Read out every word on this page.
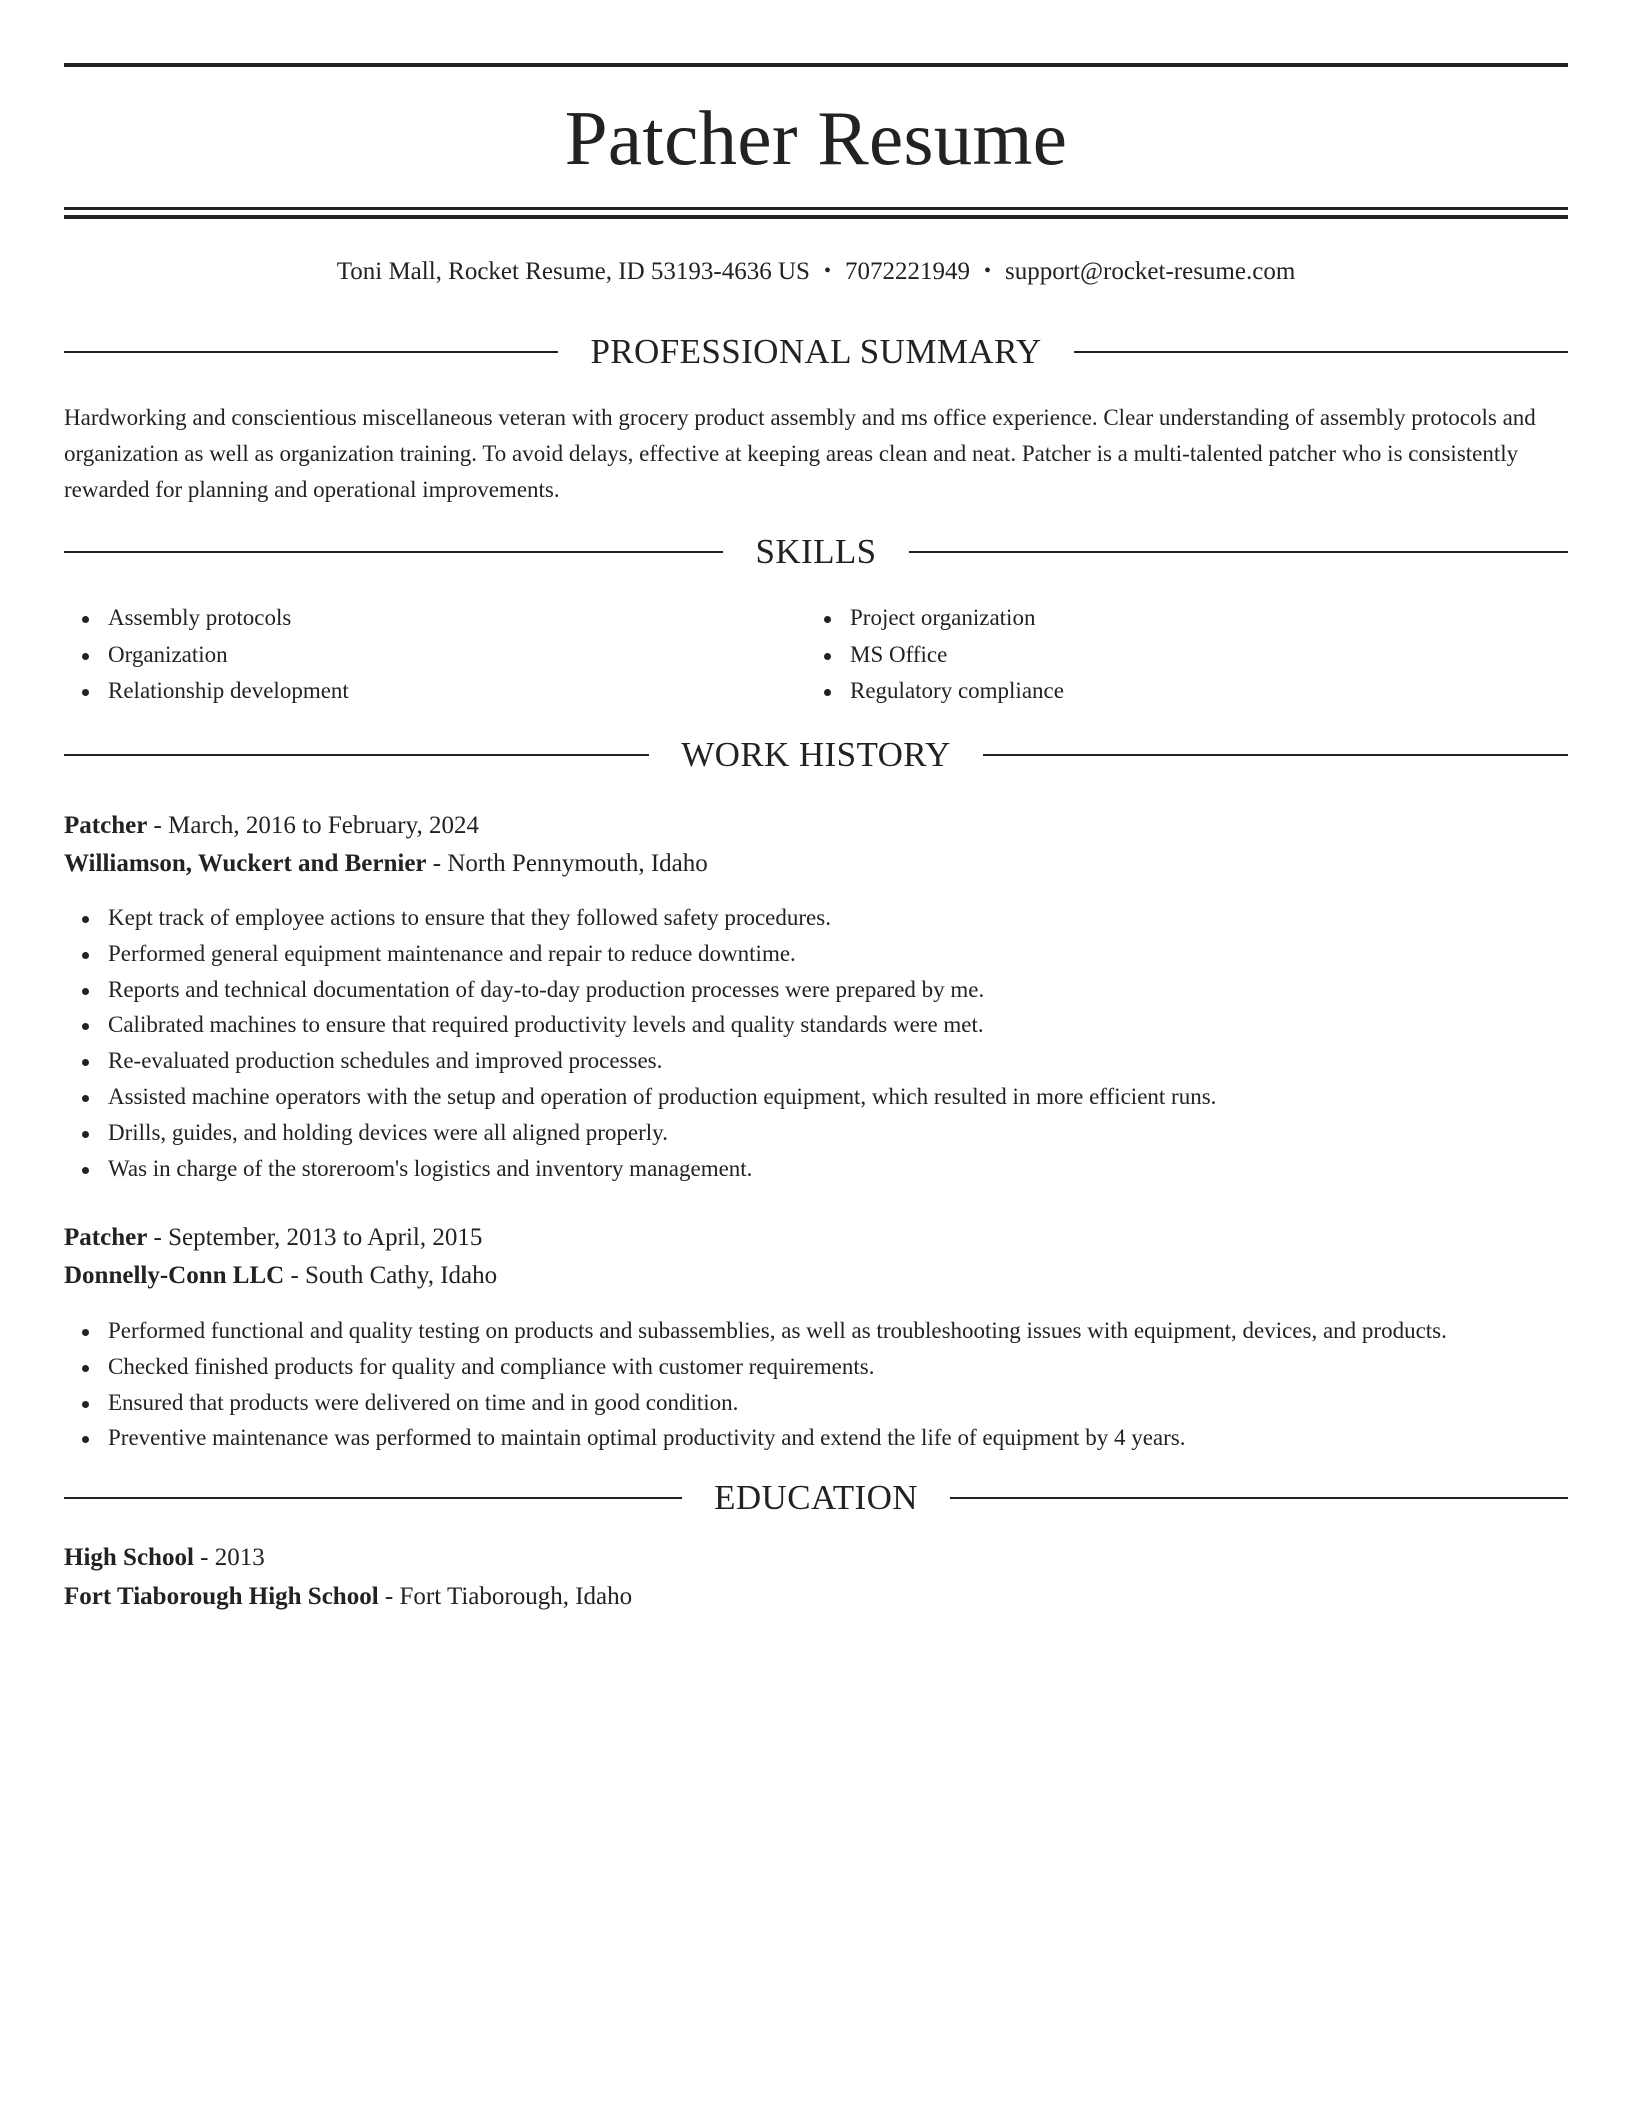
Patcher Resume
Toni Mall, Rocket Resume, ID 53193-4636 US • 7072221949 • support@rocket-resume.com
PROFESSIONAL SUMMARY

Hardworking and conscientious miscellaneous veteran with grocery product assembly and ms office experience. Clear understanding of assembly protocols and organization as well as organization training. To avoid delays, effective at keeping areas clean and neat. Patcher is a multi-talented patcher who is consistently rewarded for planning and operational improvements.

SKILLS
Assembly protocols
Organization
Relationship development
Project organization
MS Office
Regulatory compliance
WORK HISTORY
Patcher - March, 2016 to February, 2024
Williamson, Wuckert and Bernier - North Pennymouth, Idaho
Kept track of employee actions to ensure that they followed safety procedures.
Performed general equipment maintenance and repair to reduce downtime.
Reports and technical documentation of day-to-day production processes were prepared by me.
Calibrated machines to ensure that required productivity levels and quality standards were met.
Re-evaluated production schedules and improved processes.
Assisted machine operators with the setup and operation of production equipment, which resulted in more efficient runs.
Drills, guides, and holding devices were all aligned properly.
Was in charge of the storeroom's logistics and inventory management.
Patcher - September, 2013 to April, 2015
Donnelly-Conn LLC - South Cathy, Idaho
Performed functional and quality testing on products and subassemblies, as well as troubleshooting issues with equipment, devices, and products.
Checked finished products for quality and compliance with customer requirements.
Ensured that products were delivered on time and in good condition.
Preventive maintenance was performed to maintain optimal productivity and extend the life of equipment by 4 years.
EDUCATION
High School - 2013
Fort Tiaborough High School - Fort Tiaborough, Idaho
